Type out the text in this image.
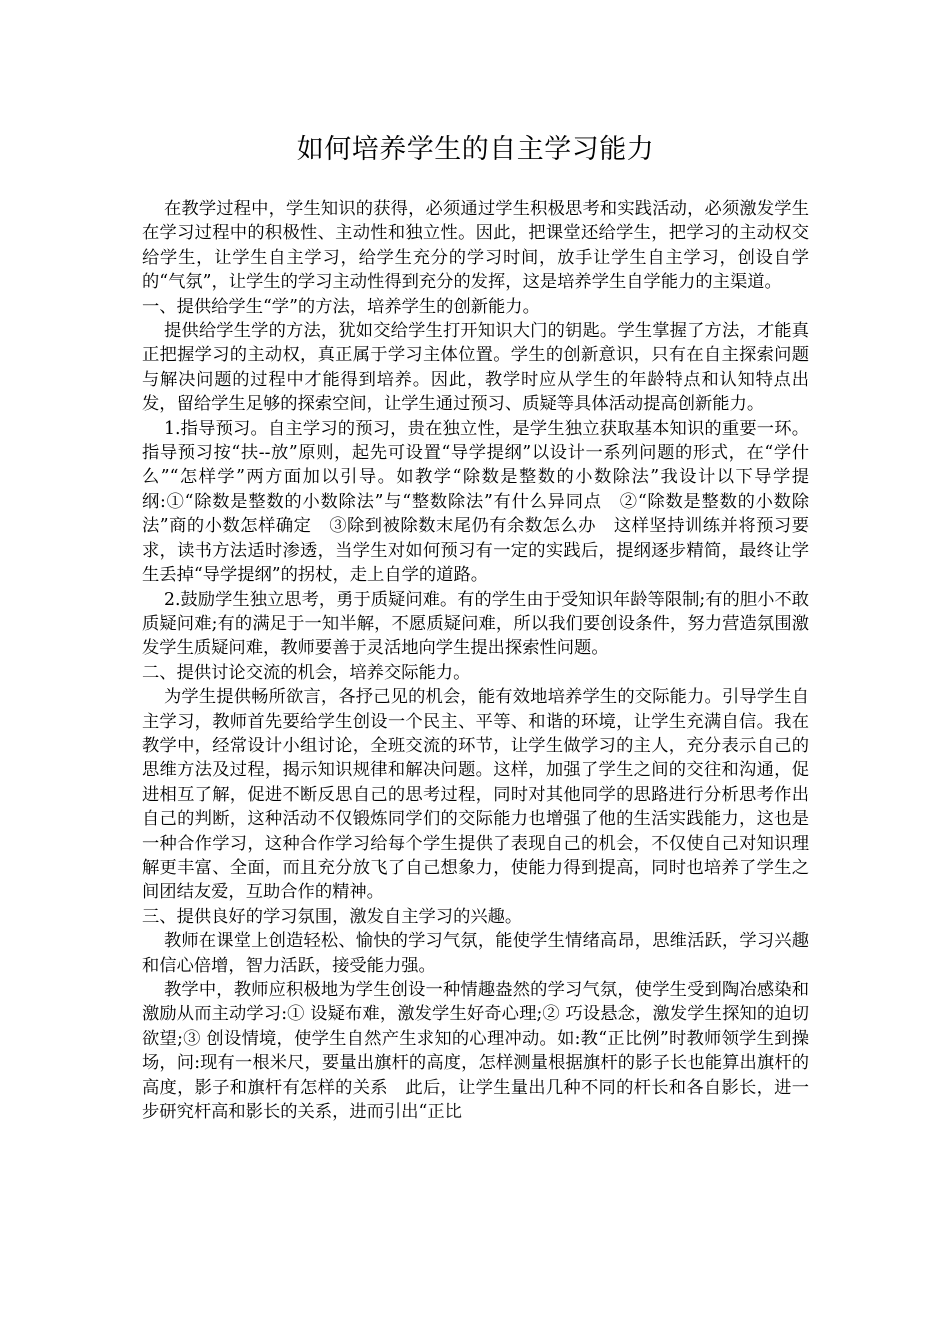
如何培养学生的自主学习能力

在教学过程中，学生知识的获得，必须通过学生积极思考和实践活动，必须激发学生在学习过程中的积极性、主动性和独立性。因此，把课堂还给学生，把学习的主动权交给学生，让学生自主学习，给学生充分的学习时间，放手让学生自主学习，创设自学的“气氛”，让学生的学习主动性得到充分的发挥，这是培养学生自学能力的主渠道。

一、提供给学生“学”的方法，培养学生的创新能力。

提供给学生学的方法，犹如交给学生打开知识大门的钥匙。学生掌握了方法，才能真正把握学习的主动权，真正属于学习主体位置。学生的创新意识，只有在自主探索问题与解决问题的过程中才能得到培养。因此，教学时应从学生的年龄特点和认知特点出发，留给学生足够的探索空间，让学生通过预习、质疑等具体活动提高创新能力。

1.指导预习。自主学习的预习，贵在独立性，是学生独立获取基本知识的重要一环。指导预习按“扶--放”原则，起先可设置“导学提纲”以设计一系列问题的形式，在“学什么”“怎样学”两方面加以引导。如教学“除数是整数的小数除法”我设计以下导学提纲:①“除数是整数的小数除法”与“整数除法”有什么异同点　②“除数是整数的小数除法”商的小数怎样确定　③除到被除数末尾仍有余数怎么办　这样坚持训练并将预习要求，读书方法适时渗透，当学生对如何预习有一定的实践后，提纲逐步精简，最终让学生丢掉“导学提纲”的拐杖，走上自学的道路。

2.鼓励学生独立思考，勇于质疑问难。有的学生由于受知识年龄等限制;有的胆小不敢质疑问难;有的满足于一知半解，不愿质疑问难，所以我们要创设条件，努力营造氛围激发学生质疑问难，教师要善于灵活地向学生提出探索性问题。

二、提供讨论交流的机会，培养交际能力。

为学生提供畅所欲言，各抒己见的机会，能有效地培养学生的交际能力。引导学生自主学习，教师首先要给学生创设一个民主、平等、和谐的环境，让学生充满自信。我在教学中，经常设计小组讨论，全班交流的环节，让学生做学习的主人，充分表示自己的思维方法及过程，揭示知识规律和解决问题。这样，加强了学生之间的交往和沟通，促进相互了解，促进不断反思自己的思考过程，同时对其他同学的思路进行分析思考作出自己的判断，这种活动不仅锻炼同学们的交际能力也增强了他的生活实践能力，这也是一种合作学习，这种合作学习给每个学生提供了表现自己的机会，不仅使自己对知识理解更丰富、全面，而且充分放飞了自己想象力，使能力得到提高，同时也培养了学生之间团结友爱，互助合作的精神。

三、提供良好的学习氛围，激发自主学习的兴趣。

教师在课堂上创造轻松、愉快的学习气氛，能使学生情绪高昂，思维活跃，学习兴趣和信心倍增，智力活跃，接受能力强。

教学中，教师应积极地为学生创设一种情趣盎然的学习气氛，使学生受到陶冶感染和激励从而主动学习:① 设疑布难，激发学生好奇心理;② 巧设悬念，激发学生探知的迫切欲望;③ 创设情境，使学生自然产生求知的心理冲动。如:教“正比例”时教师领学生到操场，问:现有一根米尺，要量出旗杆的高度，怎样测量根据旗杆的影子长也能算出旗杆的高度，影子和旗杆有怎样的关系　此后，让学生量出几种不同的杆长和各自影长，进一步研究杆高和影长的关系，进而引出“正比
